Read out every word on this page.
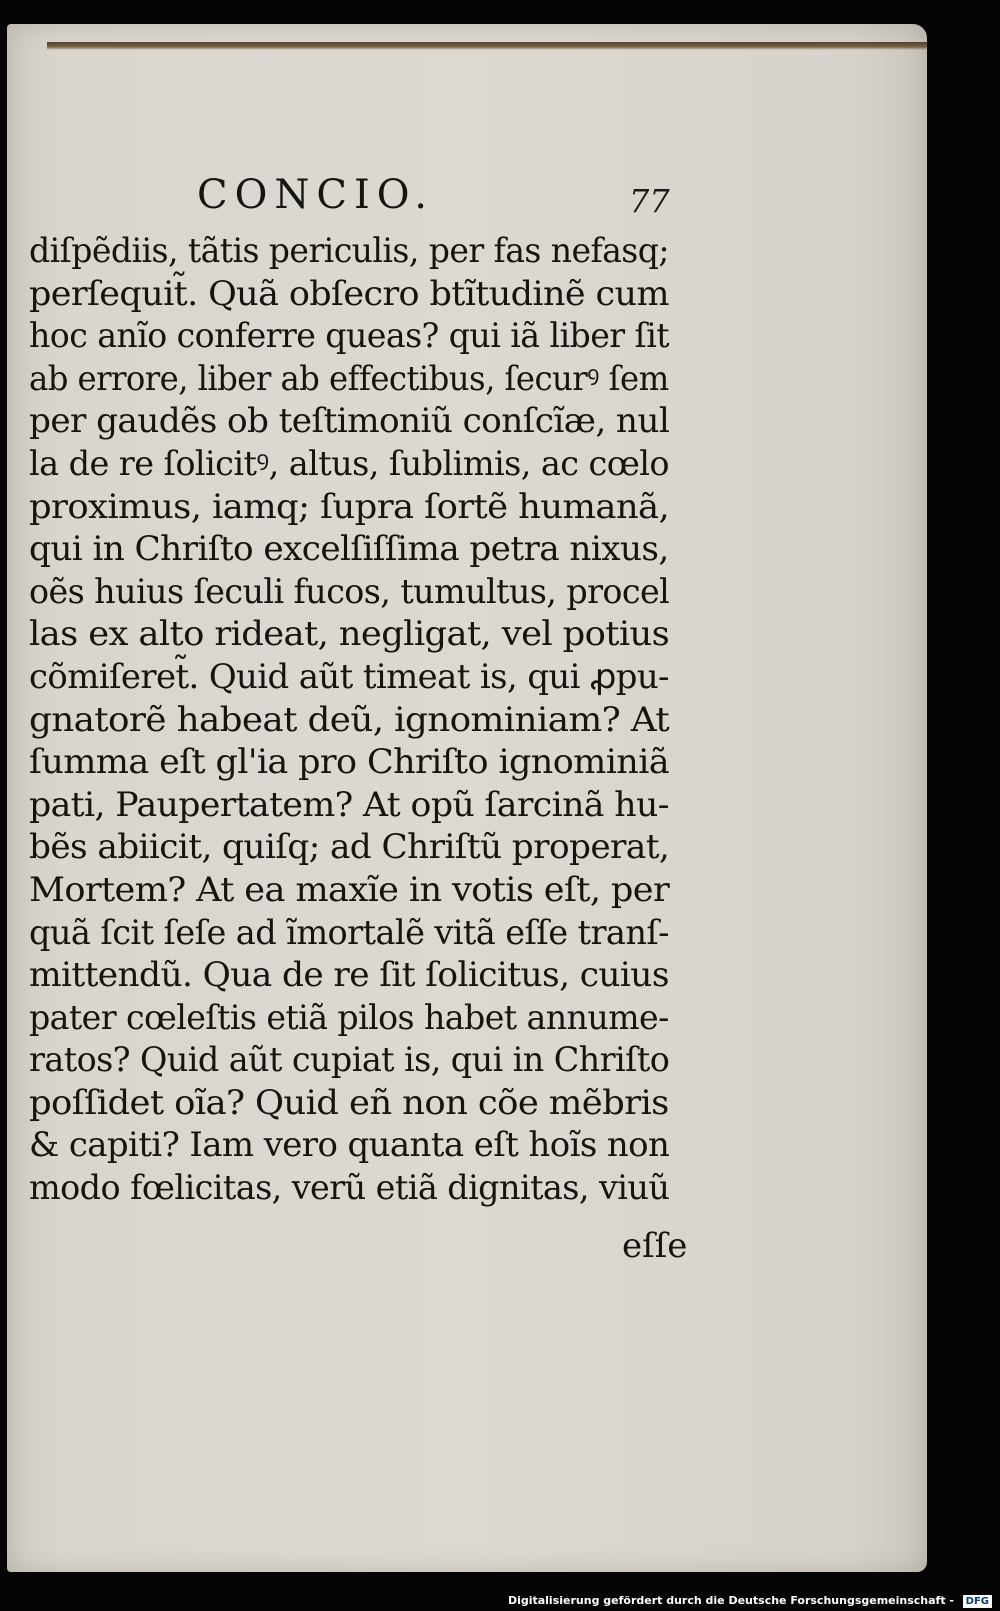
CONCIO.	77
diſpẽdiis, tãtis periculis, per fas nefasq;
perſequit̃. Quã obſecro btĩtudinẽ cum
hoc anĩo conferre queas? qui iã liber ſit
ab errore, liber ab effectibus, ſecurꝰ ſem
per gaudẽs ob teſtimoniũ conſcĩæ, nul
la de re ſolicitꝰ, altus, ſublimis, ac cœlo
proximus, iamq; ſupra ſortẽ humanã,
qui in Chriſto excelſiſſima petra nixus,
oẽs huius ſeculi fucos, tumultus, procel
las ex alto rideat, negligat, vel potius
cõmiſeret̃. Quid aũt timeat is, qui ꝓpu-
gnatorẽ habeat deũ, ignominiam? At
ſumma eſt gl'ia pro Chriſto ignominiã
pati, Paupertatem? At opũ ſarcinã hu-
bẽs abiicit, quiſq; ad Chriſtũ properat,
Mortem? At ea maxĩe in votis eſt, per
quã ſcit ſeſe ad ĩmortalẽ vitã eſſe tranſ-
mittendũ. Qua de re ſit ſolicitus, cuius
pater cœleſtis etiã pilos habet annume-
ratos? Quid aũt cupiat is, qui in Chriſto
poſſidet oĩa? Quid eñ non cõe mẽbris
& capiti? Iam vero quanta eſt hoĩs non
modo fœlicitas, verũ etiã dignitas, viuũ
eſſe
Digitalisierung gefördert durch die Deutsche Forschungsgemeinschaft -	DFG
